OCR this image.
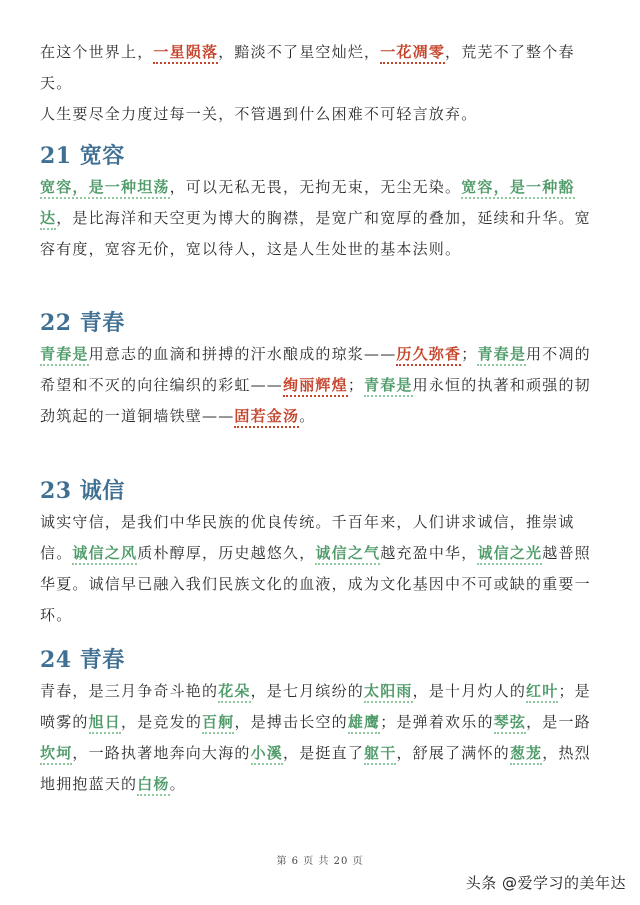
在这个世界上，一星陨落，黯淡不了星空灿烂，一花凋零，荒芜不了整个春天。
人生要尽全力度过每一关，不管遇到什么困难不可轻言放弃。

21 宽容

宽容，是一种坦荡，可以无私无畏，无拘无束，无尘无染。宽容，是一种豁达，是比海洋和天空更为博大的胸襟，是宽广和宽厚的叠加，延续和升华。宽容有度，宽容无价，宽以待人，这是人生处世的基本法则。

22 青春

青春是用意志的血滴和拼搏的汗水酿成的琼浆——历久弥香；青春是用不凋的希望和不灭的向往编织的彩虹——绚丽辉煌；青春是用永恒的执著和顽强的韧劲筑起的一道铜墙铁壁——固若金汤。

23 诚信

诚实守信，是我们中华民族的优良传统。千百年来，人们讲求诚信，推崇诚信。诚信之风质朴醇厚，历史越悠久，诚信之气越充盈中华，诚信之光越普照华夏。诚信早已融入我们民族文化的血液，成为文化基因中不可或缺的重要一环。

24 青春

青春，是三月争奇斗艳的花朵，是七月缤纷的太阳雨，是十月灼人的红叶；是喷雾的旭日，是竞发的百舸，是搏击长空的雄鹰；是弹着欢乐的琴弦，是一路坎坷，一路执著地奔向大海的小溪，是挺直了躯干，舒展了满怀的葱茏，热烈地拥抱蓝天的白杨。

第 6 页 共 20 页
头条 @爱学习的美年达
